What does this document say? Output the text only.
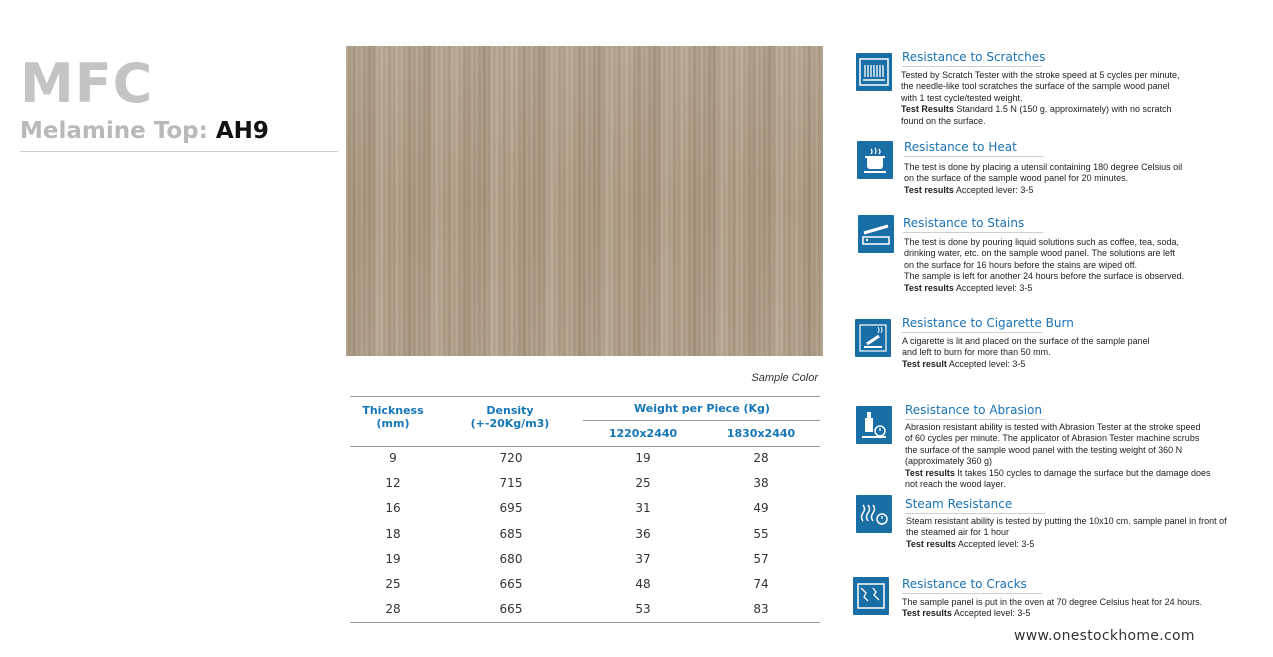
MFC
Melamine Top: AH9
Sample Color
Thickness
(mm)
Density
(+-20Kg/m3)
Weight per Piece (Kg)
1220x2440	1830x2440
9	720	19	28
12	715	25	38
16	695	31	49
18	685	36	55
19	680	37	57
25	665	48	74
28	665	53	83
Resistance to Scratches
Tested by Scratch Tester with the stroke speed at 5 cycles per minute,
the needle-like tool scratches the surface of the sample wood panel
with 1 test cycle/tested weight.
Test Results Standard 1.5 N (150 g. approximately) with no scratch
found on the surface.
Resistance to Heat
The test is done by placing a utensil containing 180 degree Celsius oil
on the surface of the sample wood panel for 20 minutes.
Test results Accepted lever: 3-5
Resistance to Stains
The test is done by pouring liquid solutions such as coffee, tea, soda,
drinking water, etc. on the sample wood panel. The solutions are left
on the surface for 16 hours before the stains are wiped off.
The sample is left for another 24 hours before the surface is observed.
Test results Accepted level: 3-5
Resistance to Cigarette Burn
A cigarette is lit and placed on the surface of the sample panel
and left to burn for more than 50 mm.
Test result Accepted level: 3-5
Resistance to Abrasion
Abrasion resistant ability is tested with Abrasion Tester at the stroke speed
of 60 cycles per minute. The applicator of Abrasion Tester machine scrubs
the surface of the sample wood panel with the testing weight of 360 N
(approximately 360 g)
Test results It takes 150 cycles to damage the surface but the damage does
not reach the wood layer.
Steam Resistance
Steam resistant ability is tested by putting the 10x10 cm. sample panel in front of
the steamed air for 1 hour
Test results Accepted level: 3-5
Resistance to Cracks
The sample panel is put in the oven at 70 degree Celsius heat for 24 hours.
Test results Accepted level: 3-5
www.onestockhome.com
